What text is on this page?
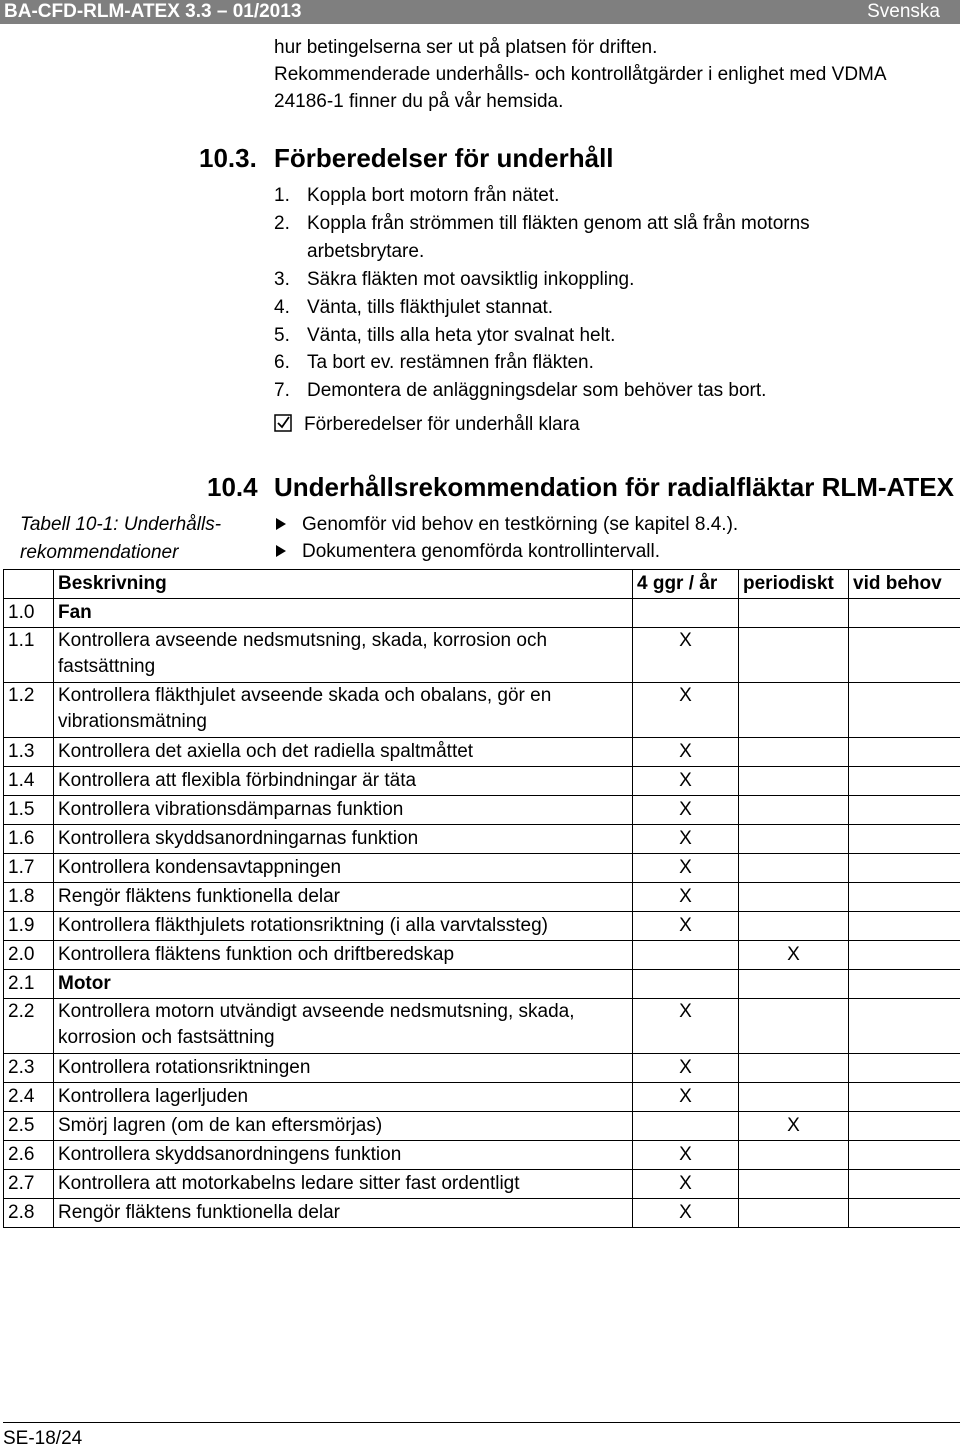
BA-CFD-RLM-ATEX 3.3 – 01/2013	Svenska
hur betingelserna ser ut på platsen för driften.
Rekommenderade underhålls- och kontrollåtgärder i enlighet med VDMA
24186-1 finner du på vår hemsida.
10.3. Förberedelser för underhåll
1. Koppla bort motorn från nätet.
2. Koppla från strömmen till fläkten genom att slå från motorns
arbetsbrytare.
3. Säkra fläkten mot oavsiktlig inkoppling.
4. Vänta, tills fläkthjulet stannat.
5. Vänta, tills alla heta ytor svalnat helt.
6. Ta bort ev. restämnen från fläkten.
7. Demontera de anläggningsdelar som behöver tas bort.
Förberedelser för underhåll klara
10.4 Underhållsrekommendation för radialfläktar RLM-ATEX
Tabell 10-1: Underhålls-
rekommendationer
Genomför vid behov en testkörning (se kapitel 8.4.).
Dokumentera genomförda kontrollintervall.
	Beskrivning	4 ggr / år	periodiskt	vid behov
1.0	Fan			
1.1	Kontrollera avseende nedsmutsning, skada, korrosion och fastsättning	X		
1.2	Kontrollera fläkthjulet avseende skada och obalans, gör en vibrationsmätning	X		
1.3	Kontrollera det axiella och det radiella spaltmåttet	X		
1.4	Kontrollera att flexibla förbindningar är täta	X		
1.5	Kontrollera vibrationsdämparnas funktion	X		
1.6	Kontrollera skyddsanordningarnas funktion	X		
1.7	Kontrollera kondensavtappningen	X		
1.8	Rengör fläktens funktionella delar	X		
1.9	Kontrollera fläkthjulets rotationsriktning (i alla varvtalssteg)	X		
2.0	Kontrollera fläktens funktion och driftberedskap		X	
2.1	Motor			
2.2	Kontrollera motorn utvändigt avseende nedsmutsning, skada, korrosion och fastsättning	X		
2.3	Kontrollera rotationsriktningen	X		
2.4	Kontrollera lagerljuden	X		
2.5	Smörj lagren (om de kan eftersmörjas)		X	
2.6	Kontrollera skyddsanordningens funktion	X		
2.7	Kontrollera att motorkabelns ledare sitter fast ordentligt	X		
2.8	Rengör fläktens funktionella delar	X		
SE-18/24
